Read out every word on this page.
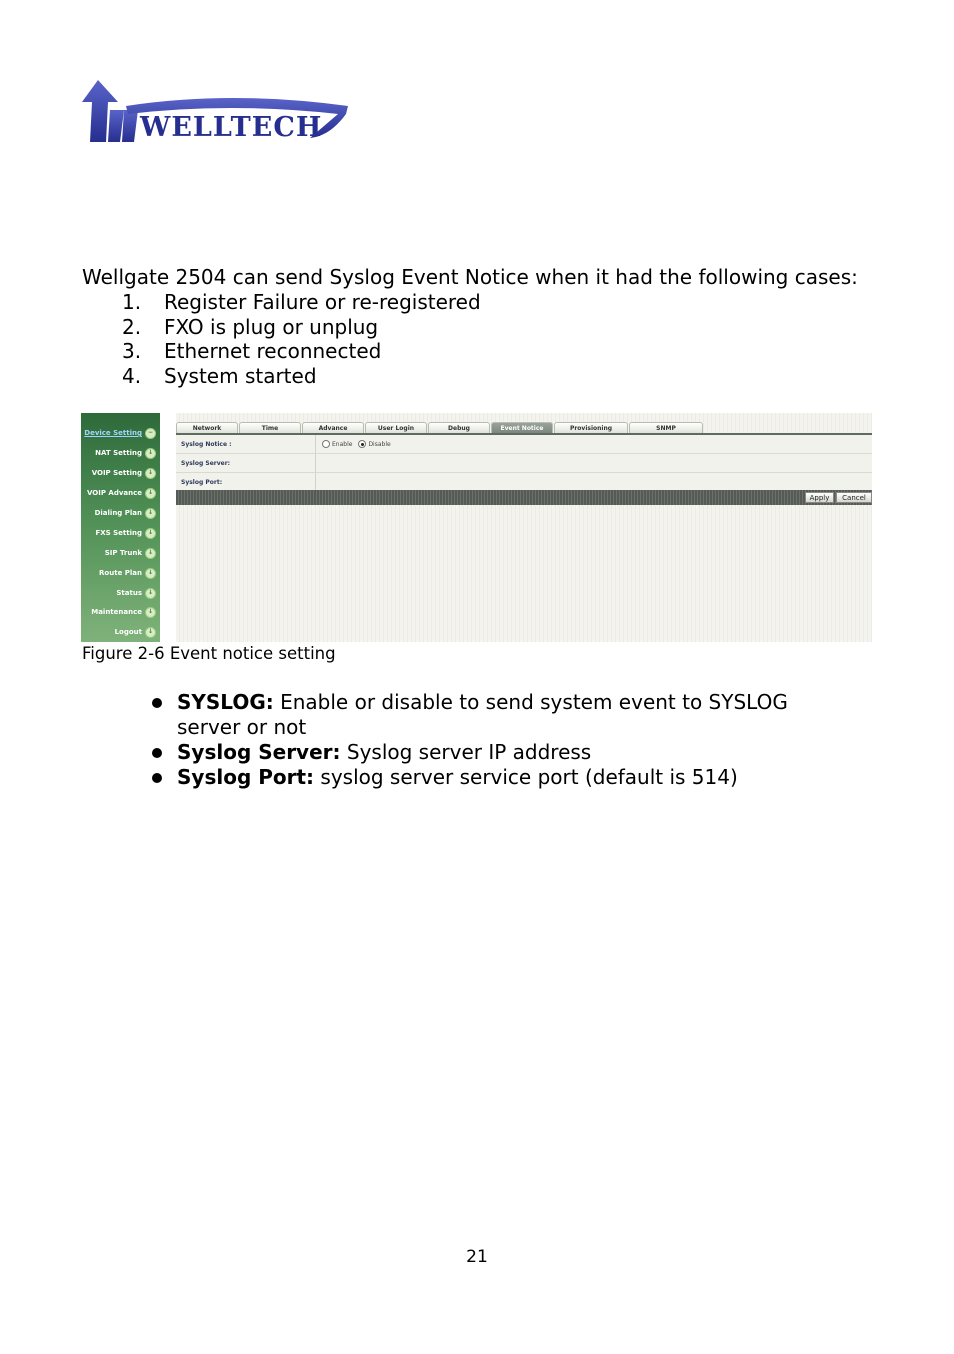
WELLTECH

Wellgate 2504 can send Syslog Event Notice when it had the following cases:

1. Register Failure or re-registered
2. FXO is plug or unplug
3. Ethernet reconnected
4. System started
Device Setting −
NAT Setting ↓
VOIP Setting ↓
VOIP Advance ↓
Dialing Plan ↓
FXS Setting ↓
SIP Trunk ↓
Route Plan ↓
Status ↓
Maintenance ↓
Logout ↓
Network	Time	Advance	User Login	Debug	Event Notice	Provisioning	SNMP
Syslog Notice :	Enable	Disable
Syslog Server:
Syslog Port:
Apply	Cancel

Figure 2-6 Event notice setting

SYSLOG: Enable or disable to send system event to SYSLOG server or not
Syslog Server: Syslog server IP address
Syslog Port: syslog server service port (default is 514)

21
